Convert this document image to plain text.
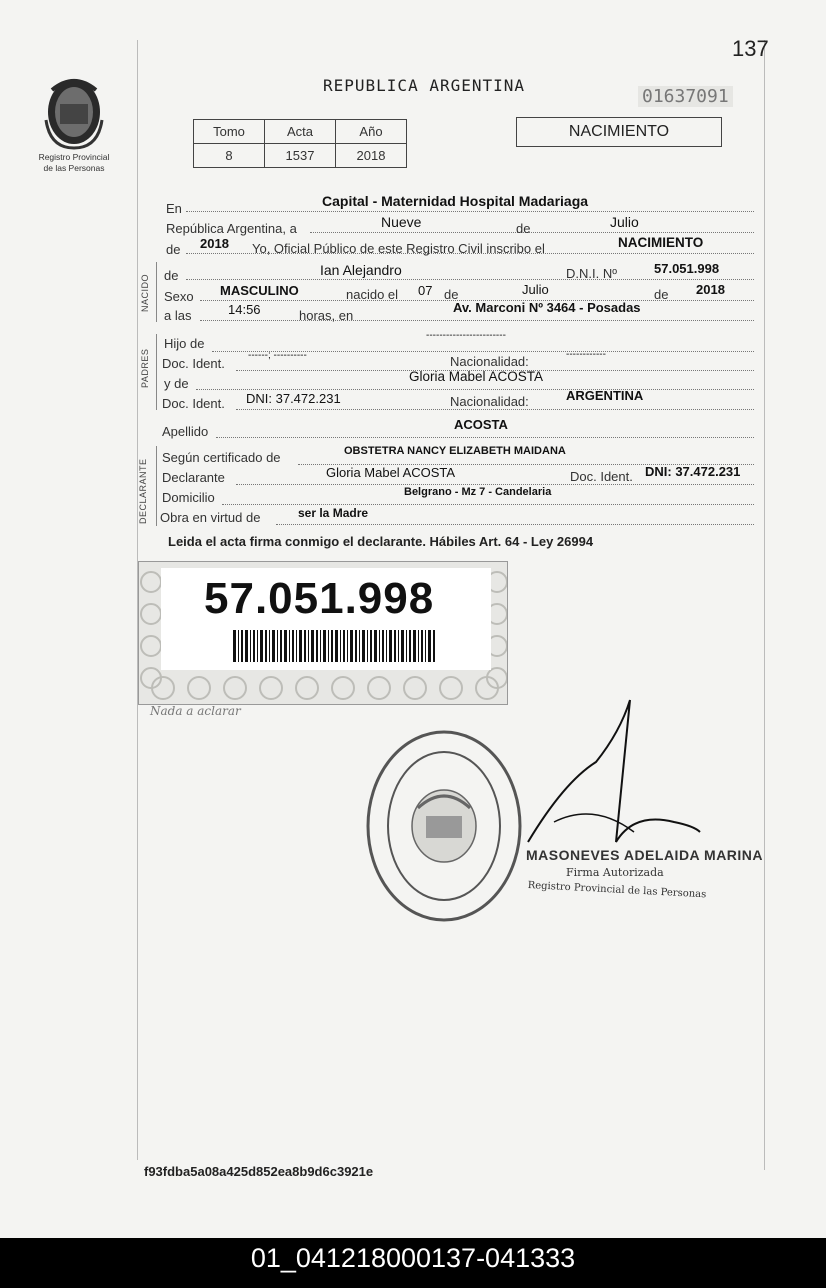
137
Registro Provincial
de las Personas
REPUBLICA ARGENTINA
01637091
Tomo	Acta	Año
8	1537	2018
NACIMIENTO
En	Capital - Maternidad Hospital Madariaga
República Argentina, a	Nueve	de	Julio
de 2018 Yo, Oficial Público de este Registro Civil inscribo el	NACIMIENTO
NACIDO de	Ian Alejandro	D.N.I. Nº	57.051.998
Sexo MASCULINO	nacido el 07 de	Julio	de 2018
a las	14:56	horas, en
Av. Marconi Nº 3464 - Posadas
PADRES
Hijo de
------------------------
Doc. Ident.
------; ----------	Nacionalidad:	------------
y de	Gloria Mabel ACOSTA
Doc. Ident. DNI: 37.472.231	Nacionalidad:	ARGENTINA
Apellido	ACOSTA
DECLARANTE
Según certificado de	OBSTETRA NANCY ELIZABETH MAIDANA
Declarante	Gloria Mabel ACOSTA	Doc. Ident. DNI: 37.472.231
Domicilio	Belgrano - Mz 7 - Candelaria
Obra en virtud de	ser la Madre
Leida el acta firma conmigo el declarante. Hábiles Art. 64 - Ley 26994
57.051.998
Nada a aclarar
MASONEVES ADELAIDA MARINA
Firma Autorizada
Registro Provincial de las Personas
f93fdba5a08a425d852ea8b9d6c3921e
01_041218000137-041333
